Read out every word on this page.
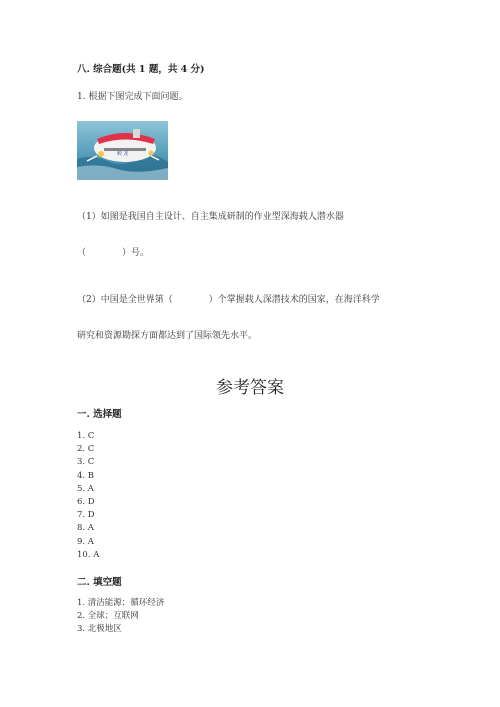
八. 综合题(共 1 题，共 4 分)
1. 根据下图完成下面问题。
蛟 龙
（1）如图是我国自主设计、自主集成研制的作业型深海载人潜水器
（　　　　）号。
（2）中国是全世界第（　　　　）个掌握载人深潜技术的国家，在海洋科学
研究和资源勘探方面都达到了国际领先水平。
参考答案
一. 选择题
1. C
2. C
3. C
4. B
5. A
6. D
7. D
8. A
9. A
10. A
二. 填空题
1. 清洁能源；循环经济
2. 全球；互联网
3. 北极地区
